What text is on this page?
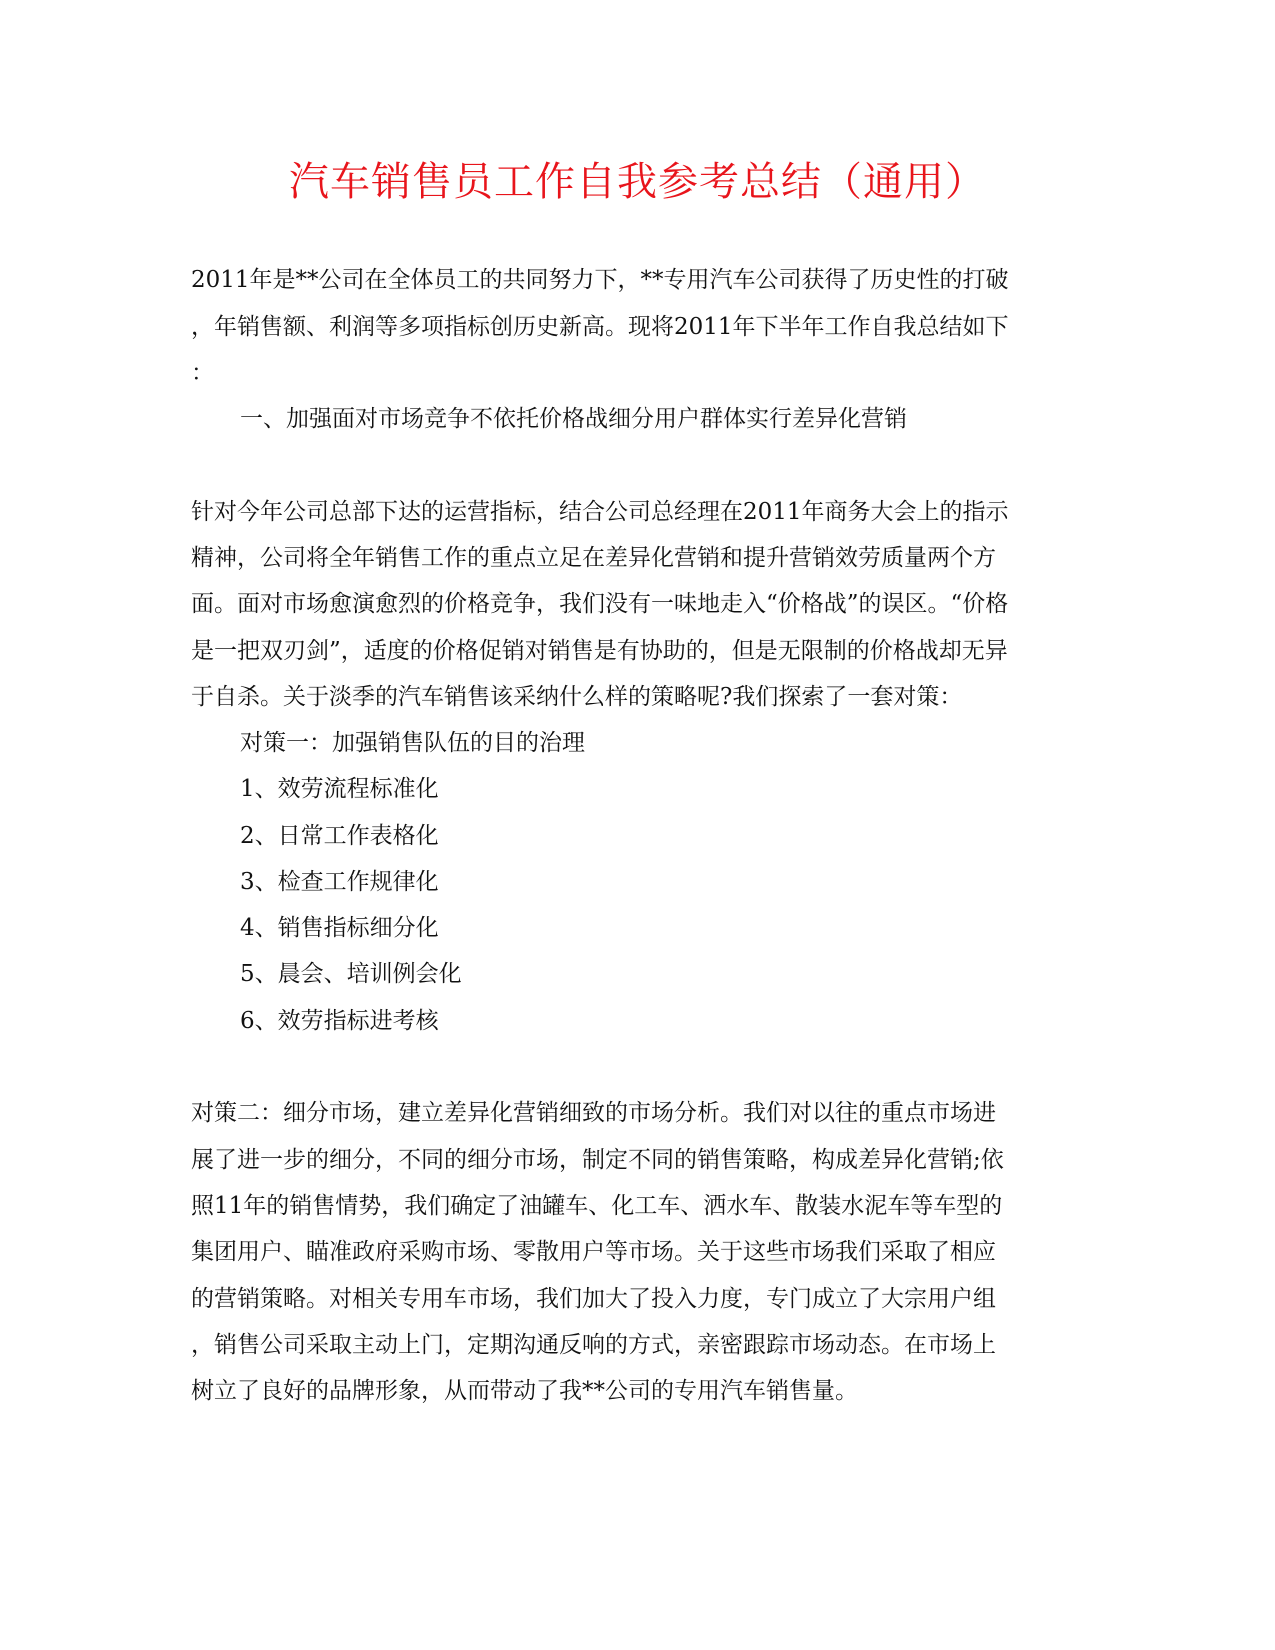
汽车销售员工作自我参考总结（通用）
2011年是**公司在全体员工的共同努力下，**专用汽车公司获得了历史性的打破
，年销售额、利润等多项指标创历史新高。现将2011年下半年工作自我总结如下
：
一、加强面对市场竞争不依托价格战细分用户群体实行差异化营销
针对今年公司总部下达的运营指标，结合公司总经理在2011年商务大会上的指示
精神，公司将全年销售工作的重点立足在差异化营销和提升营销效劳质量两个方
面。面对市场愈演愈烈的价格竞争，我们没有一味地走入“价格战”的误区。“价格
是一把双刃剑”，适度的价格促销对销售是有协助的，但是无限制的价格战却无异
于自杀。关于淡季的汽车销售该采纳什么样的策略呢?我们探索了一套对策：
对策一：加强销售队伍的目的治理
1、效劳流程标准化
2、日常工作表格化
3、检查工作规律化
4、销售指标细分化
5、晨会、培训例会化
6、效劳指标进考核
对策二：细分市场，建立差异化营销细致的市场分析。我们对以往的重点市场进
展了进一步的细分，不同的细分市场，制定不同的销售策略，构成差异化营销;依
照11年的销售情势，我们确定了油罐车、化工车、洒水车、散装水泥车等车型的
集团用户、瞄准政府采购市场、零散用户等市场。关于这些市场我们采取了相应
的营销策略。对相关专用车市场，我们加大了投入力度，专门成立了大宗用户组
，销售公司采取主动上门，定期沟通反响的方式，亲密跟踪市场动态。在市场上
树立了良好的品牌形象，从而带动了我**公司的专用汽车销售量。
